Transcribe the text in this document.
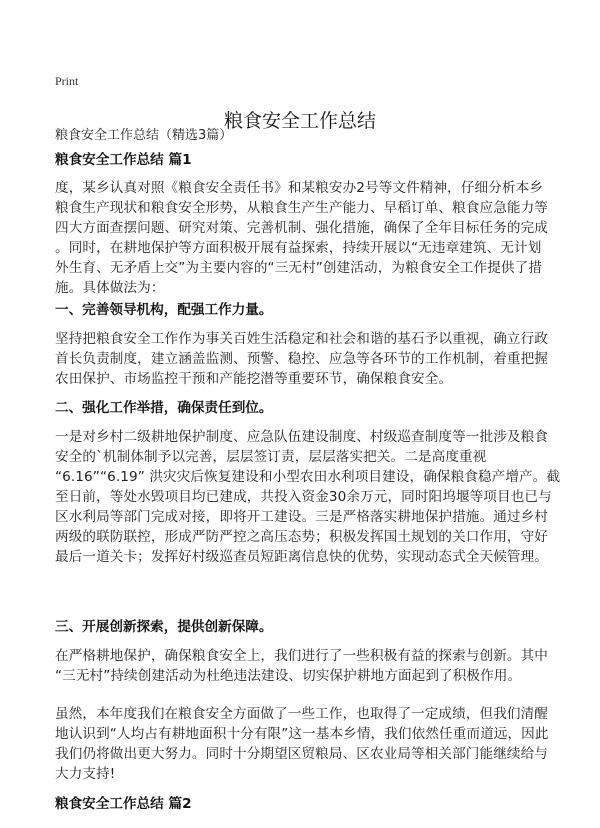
Print
粮食安全工作总结
粮食安全工作总结（精选3篇）
粮食安全工作总结 篇1
度，某乡认真对照《粮食安全责任书》和某粮安办2号等文件精神，仔细分析本乡
粮食生产现状和粮食安全形势，从粮食生产生产能力、早稻订单、粮食应急能力等
四大方面查摆问题、研究对策、完善机制、强化措施，确保了全年目标任务的完成
。同时，在耕地保护等方面积极开展有益探索，持续开展以“无违章建筑、无计划
外生育、无矛盾上交”为主要内容的“三无村”创建活动，为粮食安全工作提供了措
施。具体做法为：
一、完善领导机构，配强工作力量。
坚持把粮食安全工作作为事关百姓生活稳定和社会和谐的基石予以重视，确立行政
首长负责制度，建立涵盖监测、预警、稳控、应急等各环节的工作机制，着重把握
农田保护、市场监控干预和产能挖潜等重要环节，确保粮食安全。
二、强化工作举措，确保责任到位。
一是对乡村二级耕地保护制度、应急队伍建设制度、村级巡查制度等一批涉及粮食
安全的`机制体制予以完善，层层签订责，层层落实把关。二是高度重视
“6.16”“6.19” 洪灾灾后恢复建设和小型农田水利项目建设，确保粮食稳产增产。截
至日前，等处水毁项目均已建成，共投入资金30余万元，同时阳坞堰等项目也已与
区水利局等部门完成对接，即将开工建设。三是严格落实耕地保护措施。通过乡村
两级的联防联控，形成严防严控之高压态势；积极发挥国土规划的关口作用，守好
最后一道关卡；发挥好村级巡查员短距离信息快的优势，实现动态式全天候管理。
三、开展创新探索，提供创新保障。
在严格耕地保护，确保粮食安全上，我们进行了一些积极有益的探索与创新。其中
“三无村”持续创建活动为杜绝违法建设、切实保护耕地方面起到了积极作用。
虽然，本年度我们在粮食安全方面做了一些工作，也取得了一定成绩，但我们清醒
地认识到“人均占有耕地面积十分有限”这一基本乡情，我们依然任重而道远，因此
我们仍将做出更大努力。同时十分期望区贸粮局、区农业局等相关部门能继续给与
大力支持!
粮食安全工作总结 篇2
